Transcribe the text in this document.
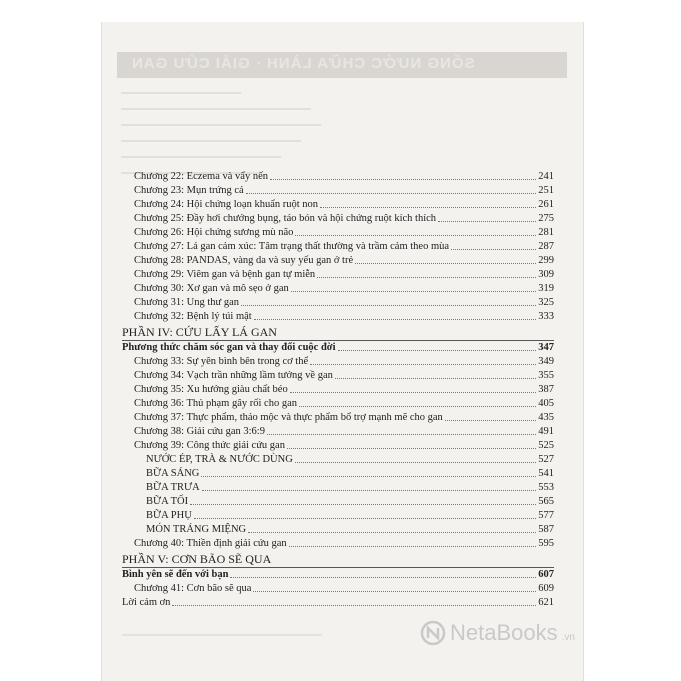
SỐNG NƯỚC CHỮA LÀNH · GIẢI CỨU GAN
Chương 22: Eczema và vẩy nến	241
Chương 23: Mụn trứng cá	251
Chương 24: Hội chứng loạn khuẩn ruột non	261
Chương 25: Đầy hơi chướng bụng, táo bón và hội chứng ruột kích thích	275
Chương 26: Hội chứng sương mù não	281
Chương 27: Lá gan cảm xúc: Tâm trạng thất thường và trầm cảm theo mùa	287
Chương 28: PANDAS, vàng da và suy yếu gan ở trẻ	299
Chương 29: Viêm gan và bệnh gan tự miễn	309
Chương 30: Xơ gan và mô sẹo ở gan	319
Chương 31: Ung thư gan	325
Chương 32: Bệnh lý túi mật	333
PHẦN IV: CỨU LẤY LÁ GAN
Phương thức chăm sóc gan và thay đổi cuộc đời	347
Chương 33: Sự yên bình bên trong cơ thể	349
Chương 34: Vạch trần những lầm tưởng về gan	355
Chương 35: Xu hướng giàu chất béo	387
Chương 36: Thủ phạm gây rối cho gan	405
Chương 37: Thực phẩm, thảo mộc và thực phẩm bổ trợ mạnh mẽ cho gan	435
Chương 38: Giải cứu gan 3:6:9	491
Chương 39: Công thức giải cứu gan	525
NƯỚC ÉP, TRÀ & NƯỚC DÙNG	527
BỮA SÁNG	541
BỮA TRƯA	553
BỮA TỐI	565
BỮA PHỤ	577
MÓN TRÁNG MIỆNG	587
Chương 40: Thiền định giải cứu gan	595
PHẦN V: CƠN BÃO SẼ QUA
Bình yên sẽ đến với bạn	607
Chương 41: Cơn bão sẽ qua	609
Lời cảm ơn	621
NetaBooks .vn
